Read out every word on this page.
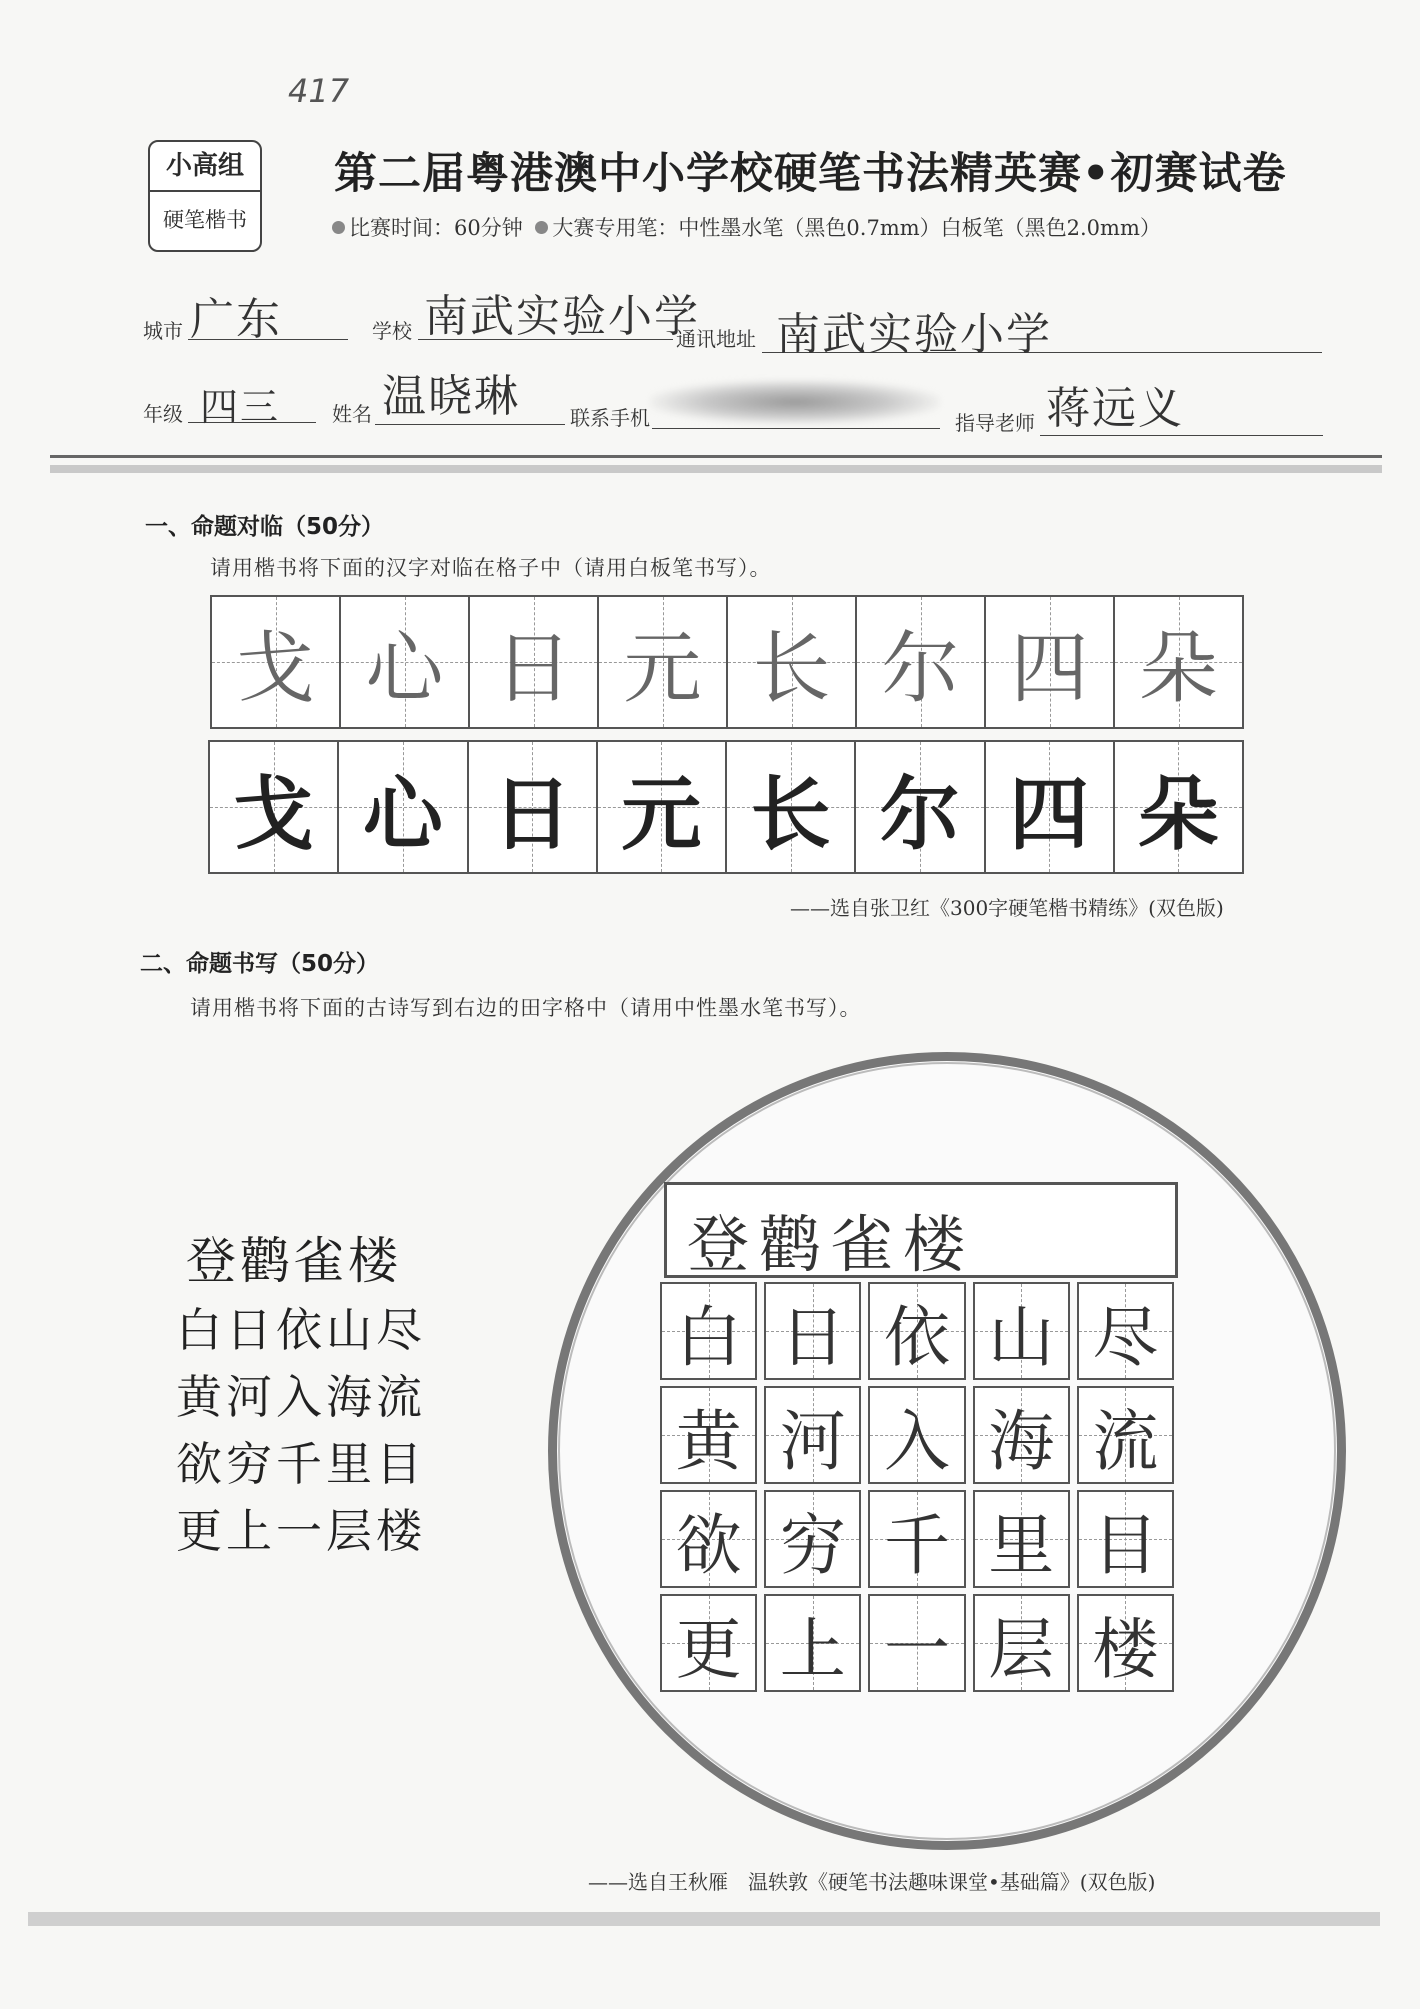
417
小高组
硬笔楷书
第二届粤港澳中小学校硬笔书法精英赛•初赛试卷
比赛时间：60分钟 大赛专用笔：中性墨水笔（黑色0.7mm）白板笔（黑色2.0mm）
城市 广东	学校 南武实验小学
通讯地址 南武实验小学
年级 四三	姓名 温晓琳	联系手机	指导老师 蒋远义
一、命题对临（50分）
请用楷书将下面的汉字对临在格子中（请用白板笔书写）。
戈 心 日 元 长 尔 四 朵
戈 心 日 元 长 尔 四 朵
——选自张卫红《300字硬笔楷书精练》(双色版)
二、命题书写（50分）
请用楷书将下面的古诗写到右边的田字格中（请用中性墨水笔书写）。
登鹳雀楼
白日依山尽
黄河入海流
欲穷千里目
更上一层楼
登鹳雀楼
白 日 依 山 尽
黄 河 入 海 流
欲 穷 千 里 目
更 上 一 层 楼
——选自王秋雁　温轶敦《硬笔书法趣味课堂•基础篇》(双色版)
